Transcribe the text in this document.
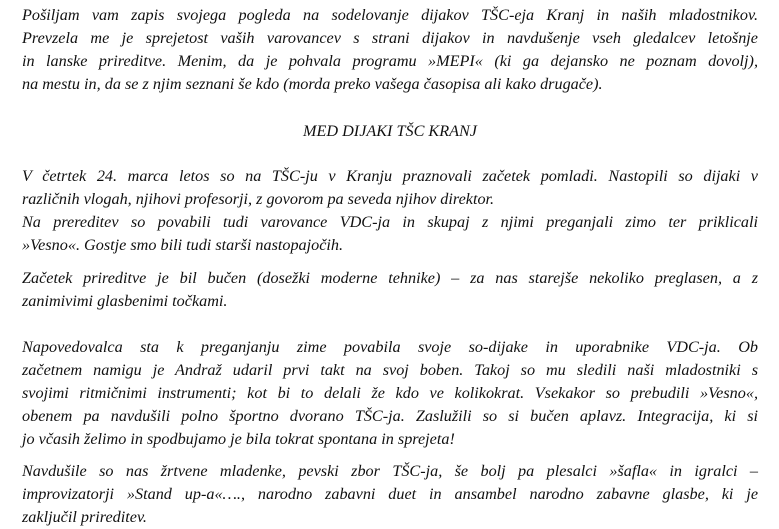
Pošiljam vam zapis svojega pogleda na sodelovanje dijakov TŠC-eja Kranj in naših mladostnikov.
Prevzela me je sprejetost vaših varovancev s strani dijakov in navdušenje vseh gledalcev letošnje
in lanske prireditve. Menim, da je pohvala programu »MEPI« (ki ga dejansko ne poznam dovolj),
na mestu in, da se z njim seznani še kdo (morda preko vašega časopisa ali kako drugače).
MED DIJAKI TŠC KRANJ
V četrtek 24. marca letos so na TŠC-ju v Kranju praznovali začetek pomladi. Nastopili so dijaki v
različnih vlogah, njihovi profesorji, z govorom pa seveda njihov direktor.
Na prereditev so povabili tudi varovance VDC-ja in skupaj z njimi preganjali zimo ter priklicali
»Vesno«. Gostje smo bili tudi starši nastopajočih.
Začetek prireditve je bil bučen (dosežki moderne tehnike) – za nas starejše nekoliko preglasen, a z
zanimivimi glasbenimi točkami.
Napovedovalca sta k preganjanju zime povabila svoje so-dijake in uporabnike VDC-ja. Ob
začetnem namigu je Andraž udaril prvi takt na svoj boben. Takoj so mu sledili naši mladostniki s
svojimi ritmičnimi instrumenti; kot bi to delali že kdo ve kolikokrat. Vsekakor so prebudili »Vesno«,
obenem pa navdušili polno športno dvorano TŠC-ja. Zaslužili so si bučen aplavz. Integracija, ki si
jo včasih želimo in spodbujamo je bila tokrat spontana in sprejeta!
Navdušile so nas žrtvene mladenke, pevski zbor TŠC-ja, še bolj pa plesalci »šafla« in igralci –
improvizatorji »Stand up-a«…., narodno zabavni duet in ansambel narodno zabavne glasbe, ki je
zaključil prireditev.
